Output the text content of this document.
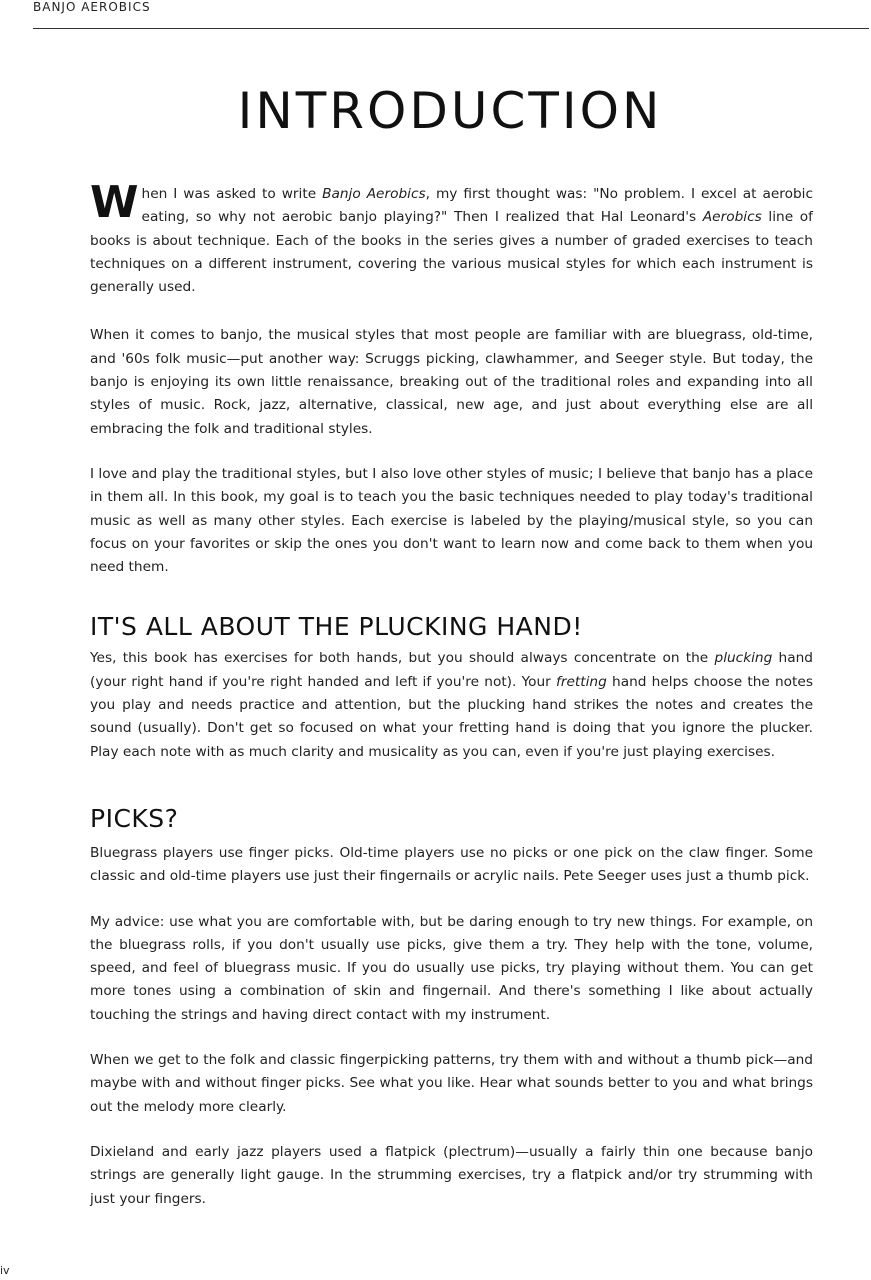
BANJO AEROBICS
INTRODUCTION

W hen I was asked to write Banjo Aerobics, my first thought was: "No problem. I excel at aerobic eating, so why not aerobic banjo playing?" Then I realized that Hal Leonard's Aerobics line of books is about technique. Each of the books in the series gives a number of graded exercises to teach techniques on a different instrument, covering the various musical styles for which each instrument is generally used.

When it comes to banjo, the musical styles that most people are familiar with are bluegrass, old-time, and '60s folk music—put another way: Scruggs picking, clawhammer, and Seeger style. But today, the banjo is enjoying its own little renaissance, breaking out of the traditional roles and expanding into all styles of music. Rock, jazz, alternative, classical, new age, and just about everything else are all embracing the folk and traditional styles.

I love and play the traditional styles, but I also love other styles of music; I believe that banjo has a place in them all. In this book, my goal is to teach you the basic techniques needed to play today's traditional music as well as many other styles. Each exercise is labeled by the playing/musical style, so you can focus on your favorites or skip the ones you don't want to learn now and come back to them when you need them.

IT'S ALL ABOUT THE PLUCKING HAND!

Yes, this book has exercises for both hands, but you should always concentrate on the plucking hand (your right hand if you're right handed and left if you're not). Your fretting hand helps choose the notes you play and needs practice and attention, but the plucking hand strikes the notes and creates the sound (usually). Don't get so focused on what your fretting hand is doing that you ignore the plucker. Play each note with as much clarity and musicality as you can, even if you're just playing exercises.

PICKS?

Bluegrass players use finger picks. Old-time players use no picks or one pick on the claw finger. Some classic and old-time players use just their fingernails or acrylic nails. Pete Seeger uses just a thumb pick.

My advice: use what you are comfortable with, but be daring enough to try new things. For example, on the bluegrass rolls, if you don't usually use picks, give them a try. They help with the tone, volume, speed, and feel of bluegrass music. If you do usually use picks, try playing without them. You can get more tones using a combination of skin and fingernail. And there's something I like about actually touching the strings and having direct contact with my instrument.

When we get to the folk and classic fingerpicking patterns, try them with and without a thumb pick—and maybe with and without finger picks. See what you like. Hear what sounds better to you and what brings out the melody more clearly.

Dixieland and early jazz players used a flatpick (plectrum)—usually a fairly thin one because banjo strings are generally light gauge. In the strumming exercises, try a flatpick and/or try strumming with just your fingers.

iv
